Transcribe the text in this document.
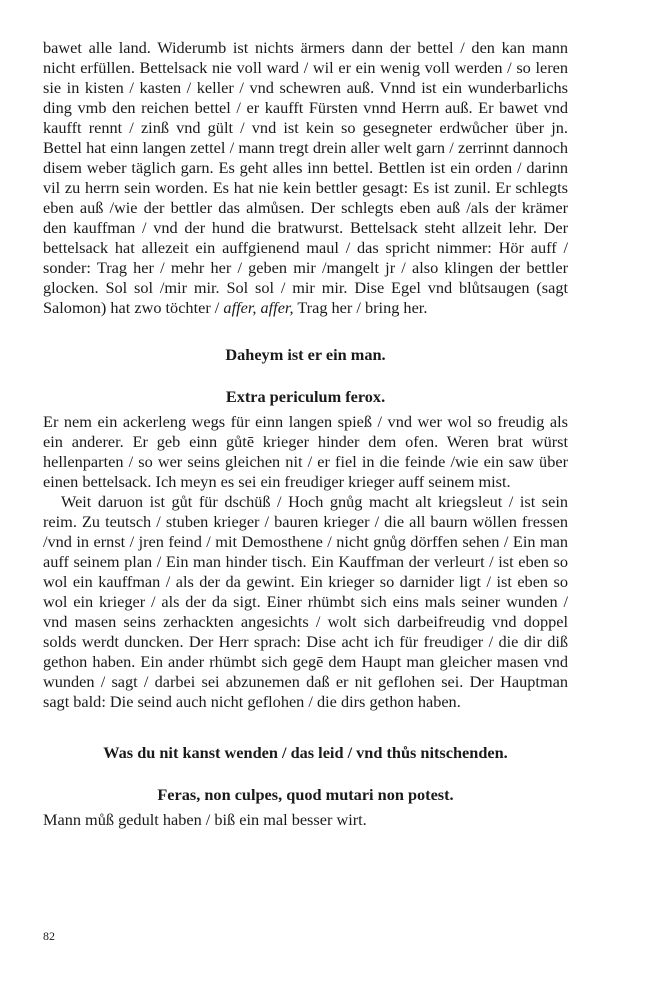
bawet alle land. Widerumb ist nichts ärmers dann der bettel / den kan mann nicht erfüllen. Bettelsack nie voll ward / wil er ein wenig voll werden / so leren sie in kisten / kasten / keller / vnd schewren auß. Vnnd ist ein wunderbarlichs ding vmb den reichen bettel / er kaufft Fürsten vnnd Herrn auß. Er bawet vnd kaufft rennt / zinß vnd gült / vnd ist kein so gesegneter erdwůcher über jn. Bettel hat einn langen zettel / mann tregt drein aller welt garn / zerrinnt dannoch disem weber täglich garn. Es geht alles inn bettel. Bettlen ist ein orden / darinn vil zu herrn sein worden. Es hat nie kein bettler gesagt: Es ist zunil. Er schlegts eben auß /wie der bettler das almůsen. Der schlegts eben auß /als der krämer den kauffman / vnd der hund die bratwurst. Bettelsack steht allzeit lehr. Der bettelsack hat allezeit ein auffgienend maul / das spricht nimmer: Hör auff / sonder: Trag her / mehr her / geben mir /mangelt jr / also klingen der bettler glocken. Sol sol /mir mir. Sol sol / mir mir. Dise Egel vnd blůtsaugen (sagt Salomon) hat zwo töchter / affer, affer, Trag her / bring her.

Daheym ist er ein man.

Extra periculum ferox.

Er nem ein ackerleng wegs für einn langen spieß / vnd wer wol so freudig als ein anderer. Er geb einn gůtē krieger hinder dem ofen. Weren brat würst hellenparten / so wer seins gleichen nit / er fiel in die feinde /wie ein saw über einen bettelsack. Ich meyn es sei ein freudiger krieger auff seinem mist.

Weit daruon ist gůt für dschüß / Hoch gnůg macht alt kriegsleut / ist sein reim. Zu teutsch / stuben krieger / bauren krieger / die all baurn wöllen fressen /vnd in ernst / jren feind / mit Demosthene / nicht gnůg dörffen sehen / Ein man auff seinem plan / Ein man hinder tisch. Ein Kauffman der verleurt / ist eben so wol ein kauffman / als der da gewint. Ein krieger so darnider ligt / ist eben so wol ein krieger / als der da sigt. Einer rhümbt sich eins mals seiner wunden / vnd masen seins zerhackten angesichts / wolt sich darbeifreudig vnd doppel solds werdt duncken. Der Herr sprach: Dise acht ich für freudiger / die dir diß gethon haben. Ein ander rhümbt sich gegē dem Haupt man gleicher masen vnd wunden / sagt / darbei sei abzunemen daß er nit geflohen sei. Der Hauptman sagt bald: Die seind auch nicht geflohen / die dirs gethon haben.

Was du nit kanst wenden / das leid / vnd thůs nitschenden.

Feras, non culpes, quod mutari non potest.

Mann můß gedult haben / biß ein mal besser wirt.

82
